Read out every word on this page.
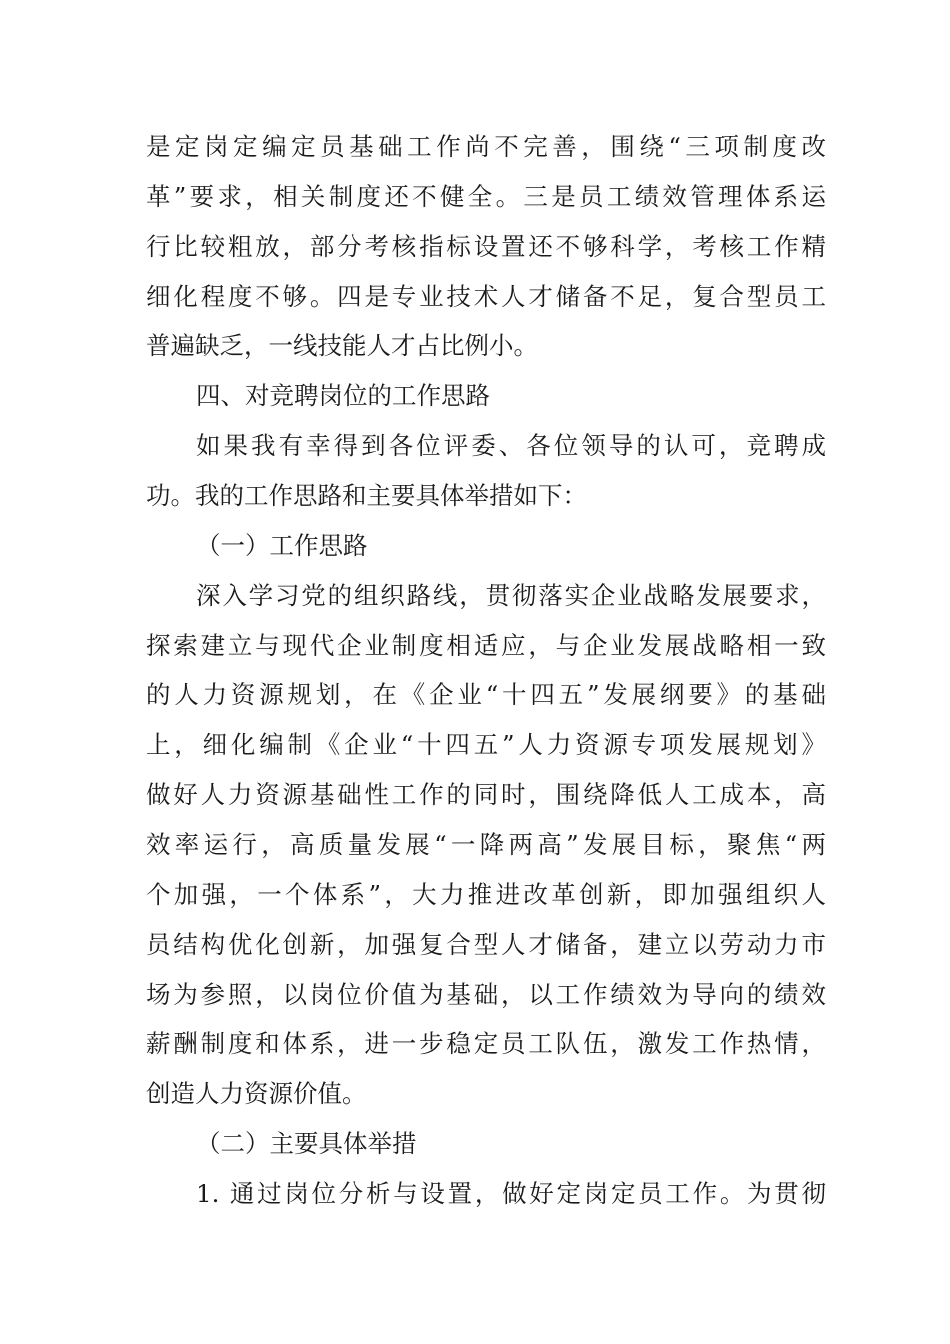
是定岗定编定员基础工作尚不完善，围绕“三项制度改
革”要求，相关制度还不健全。三是员工绩效管理体系运
行比较粗放，部分考核指标设置还不够科学，考核工作精
细化程度不够。四是专业技术人才储备不足，复合型员工
普遍缺乏，一线技能人才占比例小。
四、对竞聘岗位的工作思路
如果我有幸得到各位评委、各位领导的认可，竞聘成
功。我的工作思路和主要具体举措如下：
（一）工作思路
深入学习党的组织路线，贯彻落实企业战略发展要求，
探索建立与现代企业制度相适应，与企业发展战略相一致
的人力资源规划，在《企业“十四五”发展纲要》的基础
上，细化编制《企业“十四五”人力资源专项发展规划》
做好人力资源基础性工作的同时，围绕降低人工成本，高
效率运行，高质量发展“一降两高”发展目标，聚焦“两
个加强，一个体系”，大力推进改革创新，即加强组织人
员结构优化创新，加强复合型人才储备，建立以劳动力市
场为参照，以岗位价值为基础，以工作绩效为导向的绩效
薪酬制度和体系，进一步稳定员工队伍，激发工作热情，
创造人力资源价值。
（二）主要具体举措
1. 通过岗位分析与设置，做好定岗定员工作。为贯彻
